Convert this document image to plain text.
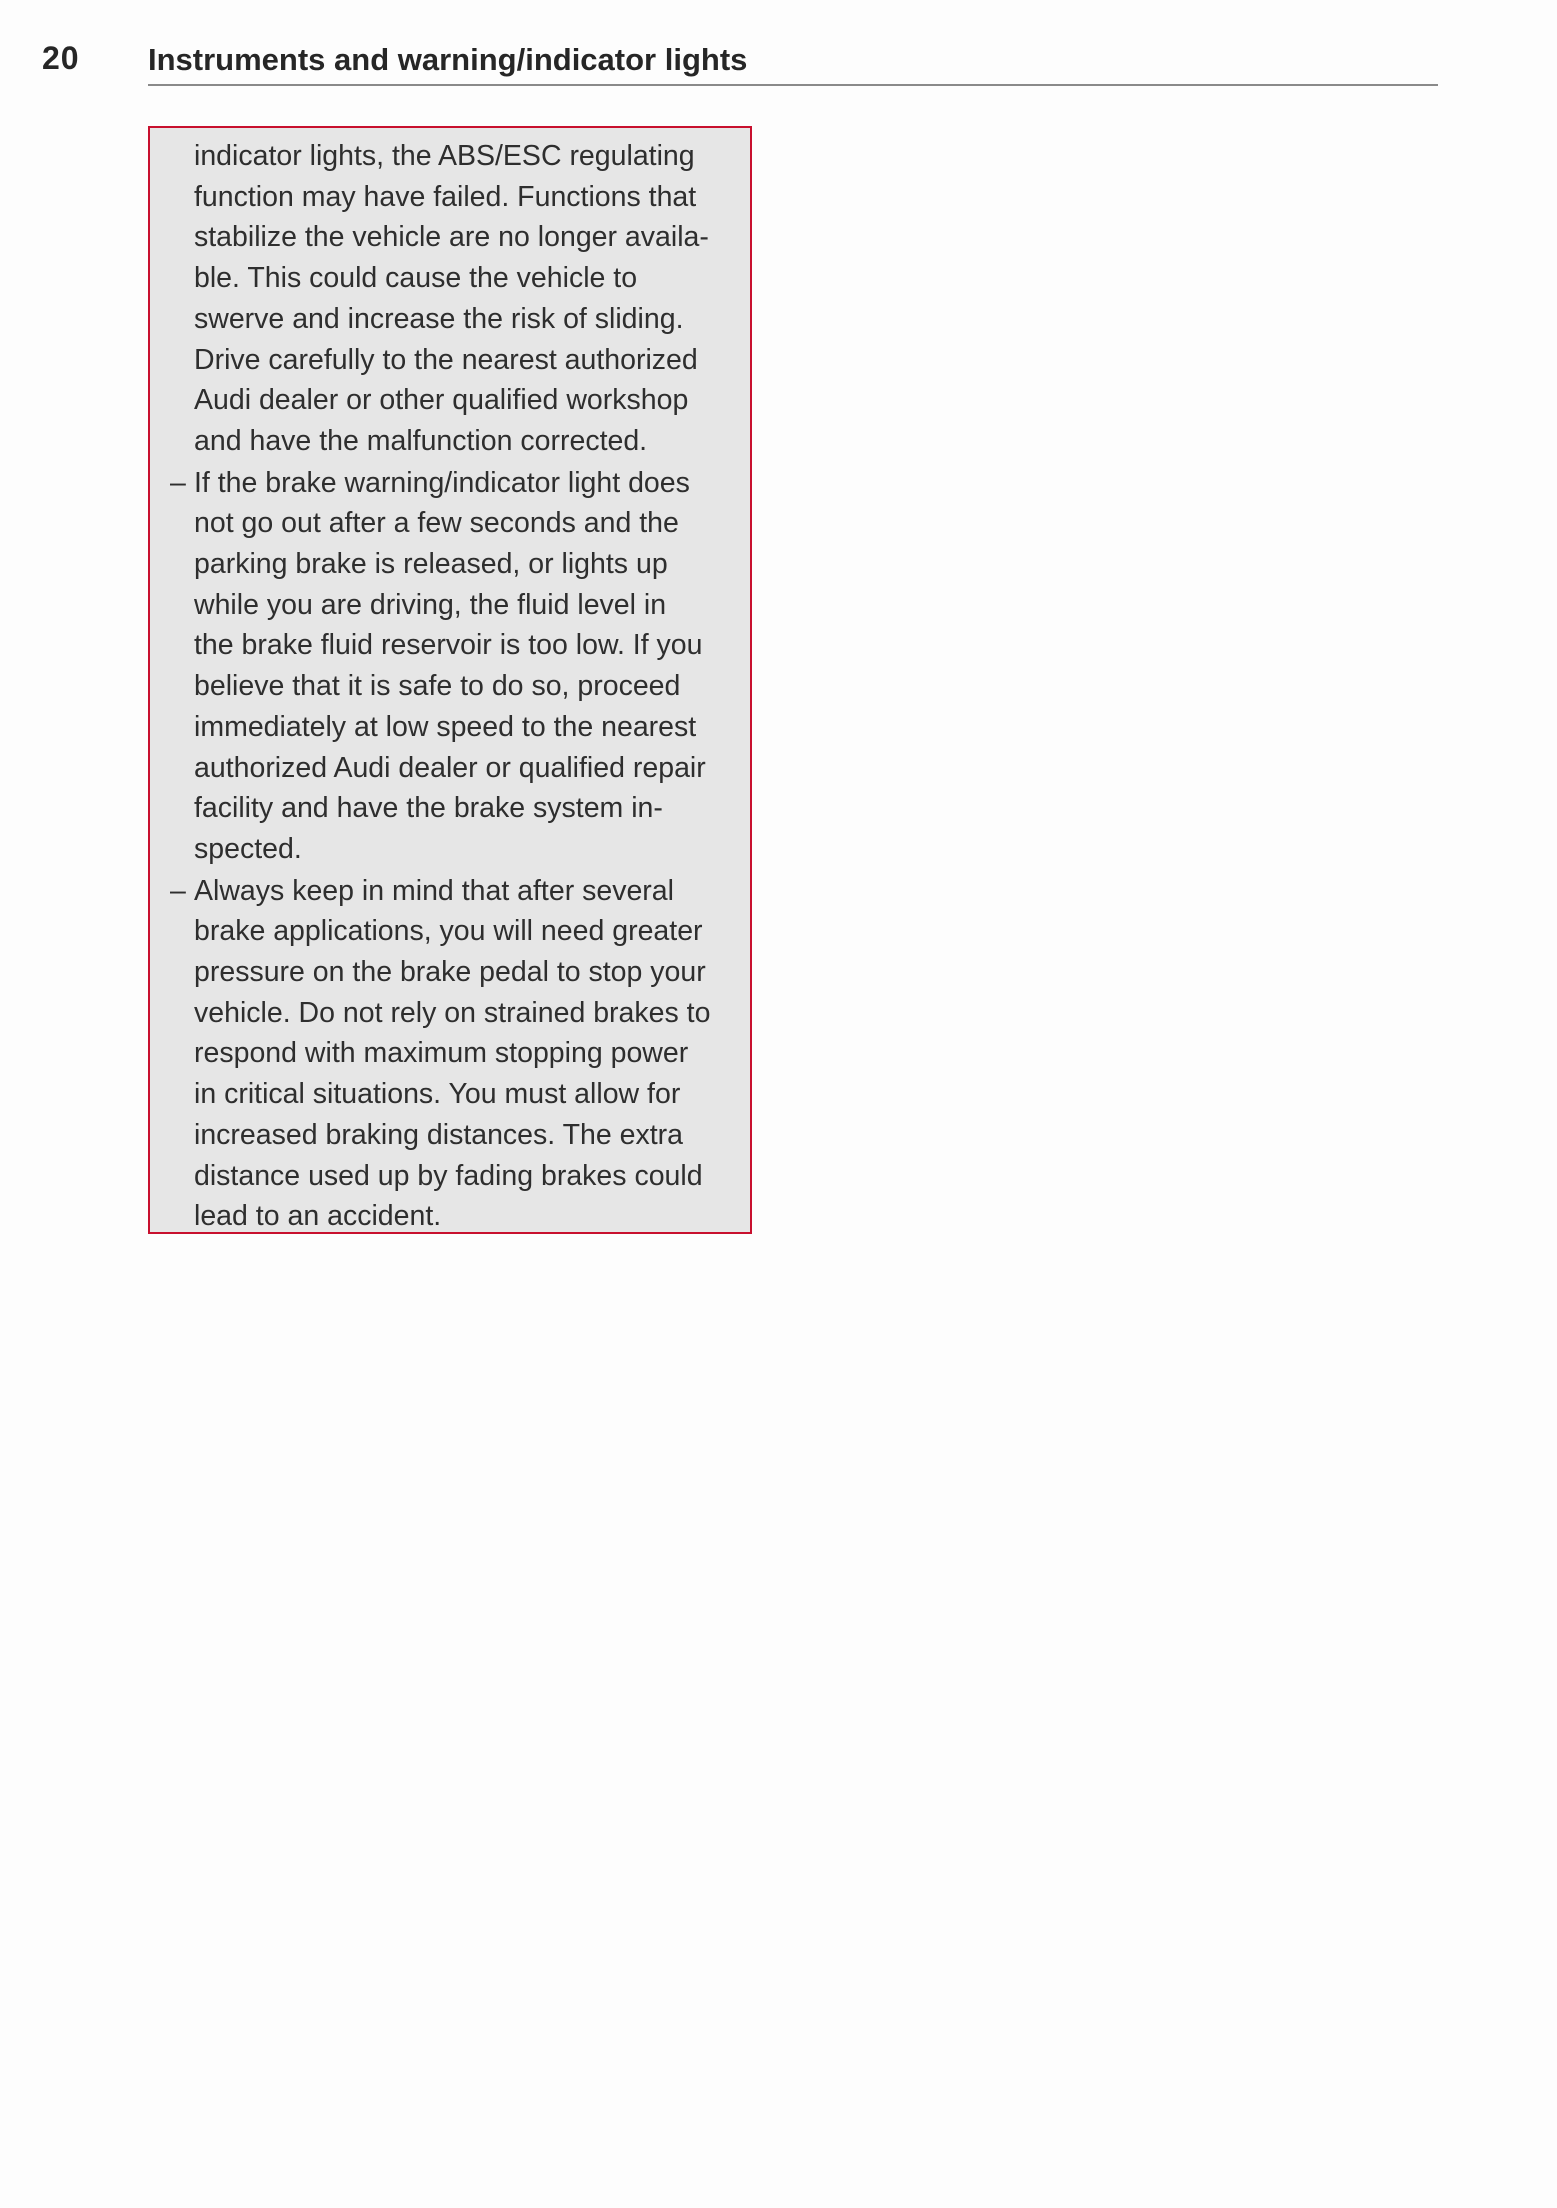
20 Instruments and warning/indicator lights
indicator lights, the ABS/ESC regulating
function may have failed. Functions that
stabilize the vehicle are no longer availa-
ble. This could cause the vehicle to
swerve and increase the risk of sliding.
Drive carefully to the nearest authorized
Audi dealer or other qualified workshop
and have the malfunction corrected.
– If the brake warning/indicator light does
not go out after a few seconds and the
parking brake is released, or lights up
while you are driving, the fluid level in
the brake fluid reservoir is too low. If you
believe that it is safe to do so, proceed
immediately at low speed to the nearest
authorized Audi dealer or qualified repair
facility and have the brake system in-
spected.
– Always keep in mind that after several
brake applications, you will need greater
pressure on the brake pedal to stop your
vehicle. Do not rely on strained brakes to
respond with maximum stopping power
in critical situations. You must allow for
increased braking distances. The extra
distance used up by fading brakes could
lead to an accident.
